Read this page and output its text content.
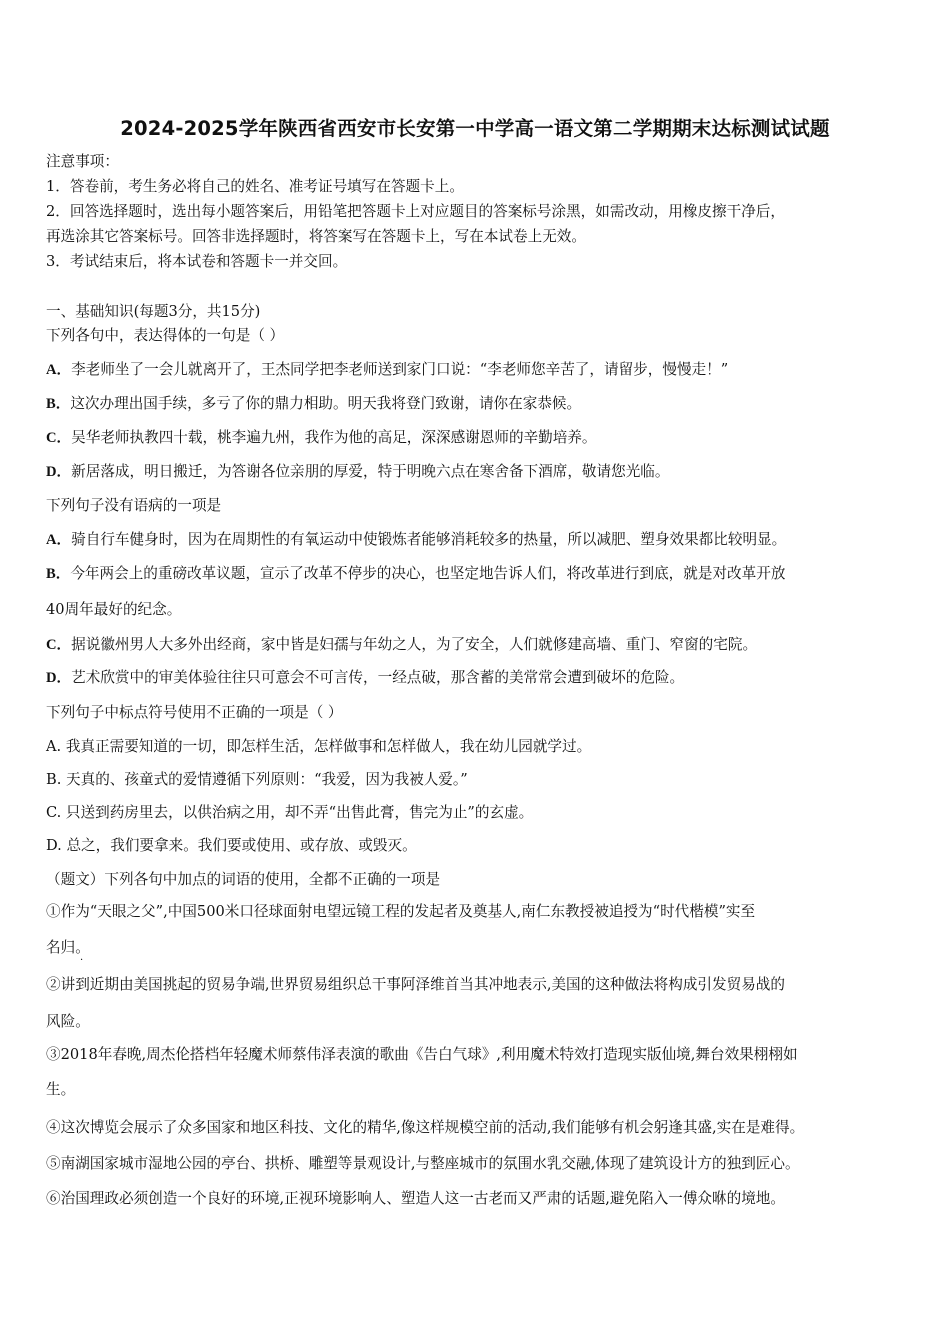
2024-2025学年陕西省西安市长安第一中学高一语文第二学期期末达标测试试题
注意事项：
1．答卷前，考生务必将自己的姓名、准考证号填写在答题卡上。
2．回答选择题时，选出每小题答案后，用铅笔把答题卡上对应题目的答案标号涂黑，如需改动，用橡皮擦干净后，
再选涂其它答案标号。回答非选择题时，将答案写在答题卡上，写在本试卷上无效。
3．考试结束后，将本试卷和答题卡一并交回。
一、基础知识(每题3分，共15分)
下列各句中，表达得体的一句是（ ）
A．李老师坐了一会儿就离开了，王杰同学把李老师送到家门口说：“李老师您辛苦了，请留步，慢慢走！”
B．这次办理出国手续，多亏了你的鼎力相助。明天我将登门致谢，请你在家恭候。
C．吴华老师执教四十载，桃李遍九州，我作为他的高足，深深感谢恩师的辛勤培养。
D．新居落成，明日搬迁，为答谢各位亲朋的厚爱，特于明晚六点在寒舍备下酒席，敬请您光临。
下列句子没有语病的一项是
A．骑自行车健身时，因为在周期性的有氧运动中使锻炼者能够消耗较多的热量，所以减肥、塑身效果都比较明显。
B．今年两会上的重磅改革议题，宣示了改革不停步的决心，也坚定地告诉人们，将改革进行到底，就是对改革开放
40周年最好的纪念。
C．据说徽州男人大多外出经商，家中皆是妇孺与年幼之人，为了安全，人们就修建高墙、重门、窄窗的宅院。
D．艺术欣赏中的审美体验往往只可意会不可言传，一经点破，那含蓄的美常常会遭到破坏的危险。
下列句子中标点符号使用不正确的一项是（ ）
A. 我真正需要知道的一切，即怎样生活，怎样做事和怎样做人，我在幼儿园就学过。
B. 天真的、孩童式的爱情遵循下列原则：“我爱，因为我被人爱。”
C. 只送到药房里去，以供治病之用，却不弄“出售此膏，售完为止”的玄虚。
D. 总之，我们要拿来。我们要或使用、或存放、或毁灭。
（题文）下列各句中加点的词语的使用，全都不正确的一项是
①作为“天眼之父”,中国500米口径球面射电望远镜工程的发起者及奠基人,南仁东教授被追授为“时代楷模”实至
名归。
·
②讲到近期由美国挑起的贸易争端,世界贸易组织总干事阿泽维首当其冲地表示,美国的这种做法将构成引发贸易战的
风险。
③2018年春晚,周杰伦搭档年轻魔术师蔡伟泽表演的歌曲《告白气球》,利用魔术特效打造现实版仙境,舞台效果栩栩如
生。
④这次博览会展示了众多国家和地区科技、文化的精华,像这样规模空前的活动,我们能够有机会躬逢其盛,实在是难得。
⑤南湖国家城市湿地公园的亭台、拱桥、雕塑等景观设计,与整座城市的氛围水乳交融,体现了建筑设计方的独到匠心。
⑥治国理政必须创造一个良好的环境,正视环境影响人、塑造人这一古老而又严肃的话题,避免陷入一傅众咻的境地。
